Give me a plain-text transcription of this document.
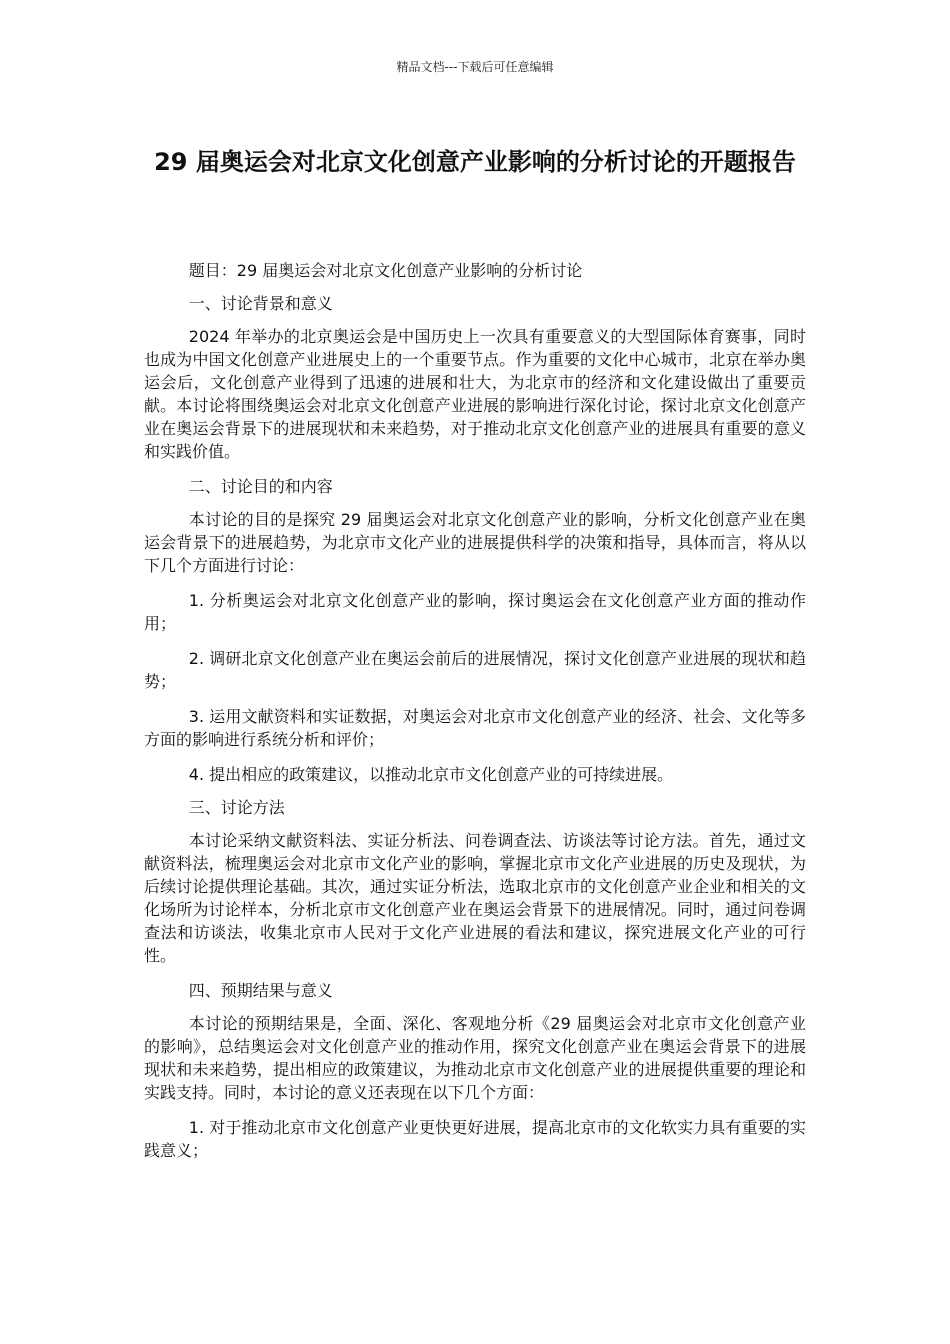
精品文档---下载后可任意编辑
29 届奥运会对北京文化创意产业影响的分析讨论的开题报告

题目：29 届奥运会对北京文化创意产业影响的分析讨论

一、讨论背景和意义

2024 年举办的北京奥运会是中国历史上一次具有重要意义的大型国际体育赛事，同时也成为中国文化创意产业进展史上的一个重要节点。作为重要的文化中心城市，北京在举办奥运会后，文化创意产业得到了迅速的进展和壮大，为北京市的经济和文化建设做出了重要贡献。本讨论将围绕奥运会对北京文化创意产业进展的影响进行深化讨论，探讨北京文化创意产业在奥运会背景下的进展现状和未来趋势，对于推动北京文化创意产业的进展具有重要的意义和实践价值。

二、讨论目的和内容

本讨论的目的是探究 29 届奥运会对北京文化创意产业的影响，分析文化创意产业在奥运会背景下的进展趋势，为北京市文化产业的进展提供科学的决策和指导，具体而言，将从以下几个方面进行讨论：

1. 分析奥运会对北京文化创意产业的影响，探讨奥运会在文化创意产业方面的推动作用；

2. 调研北京文化创意产业在奥运会前后的进展情况，探讨文化创意产业进展的现状和趋势；

3. 运用文献资料和实证数据，对奥运会对北京市文化创意产业的经济、社会、文化等多方面的影响进行系统分析和评价；

4. 提出相应的政策建议，以推动北京市文化创意产业的可持续进展。

三、讨论方法

本讨论采纳文献资料法、实证分析法、问卷调查法、访谈法等讨论方法。首先，通过文献资料法，梳理奥运会对北京市文化产业的影响，掌握北京市文化产业进展的历史及现状，为后续讨论提供理论基础。其次，通过实证分析法，选取北京市的文化创意产业企业和相关的文化场所为讨论样本，分析北京市文化创意产业在奥运会背景下的进展情况。同时，通过问卷调查法和访谈法，收集北京市人民对于文化产业进展的看法和建议，探究进展文化产业的可行性。

四、预期结果与意义

本讨论的预期结果是，全面、深化、客观地分析《29 届奥运会对北京市文化创意产业的影响》，总结奥运会对文化创意产业的推动作用，探究文化创意产业在奥运会背景下的进展现状和未来趋势，提出相应的政策建议，为推动北京市文化创意产业的进展提供重要的理论和实践支持。同时，本讨论的意义还表现在以下几个方面：

1. 对于推动北京市文化创意产业更快更好进展，提高北京市的文化软实力具有重要的实践意义；
